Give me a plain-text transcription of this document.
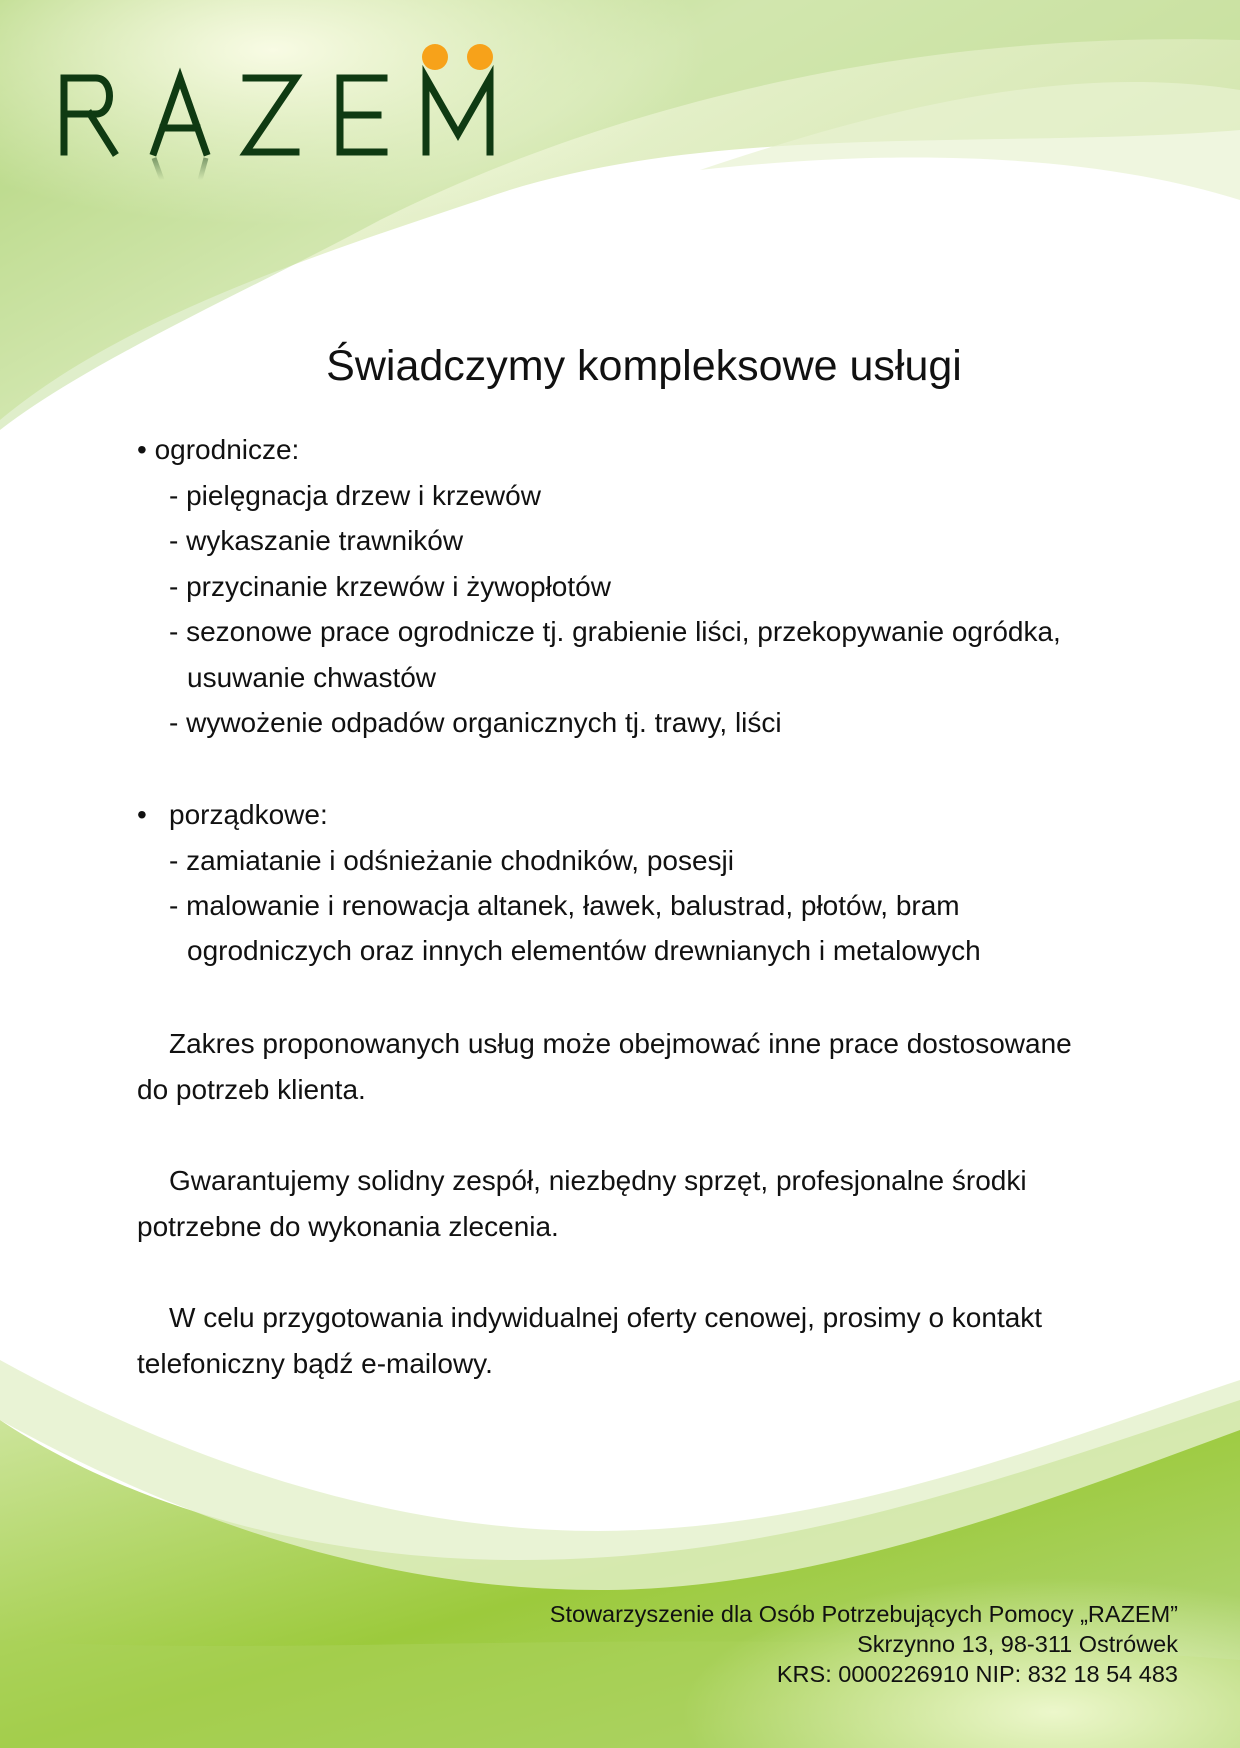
Świadczymy kompleksowe usługi
• ogrodnicze:
- pielęgnacja drzew i krzewów
- wykaszanie trawników
- przycinanie krzewów i żywopłotów
- sezonowe prace ogrodnicze tj. grabienie liści, przekopywanie ogródka,
usuwanie chwastów
- wywożenie odpadów organicznych tj. trawy, liści
• porządkowe:
- zamiatanie i odśnieżanie chodników, posesji
- malowanie i renowacja altanek, ławek, balustrad, płotów, bram
ogrodniczych oraz innych elementów drewnianych i metalowych
Zakres proponowanych usług może obejmować inne prace dostosowane
do potrzeb klienta.
Gwarantujemy solidny zespół, niezbędny sprzęt, profesjonalne środki
potrzebne do wykonania zlecenia.
W celu przygotowania indywidualnej oferty cenowej, prosimy o kontakt
telefoniczny bądź e-mailowy.
Stowarzyszenie dla Osób Potrzebujących Pomocy „RAZEM”
Skrzynno 13, 98-311 Ostrówek
KRS: 0000226910 NIP: 832 18 54 483
